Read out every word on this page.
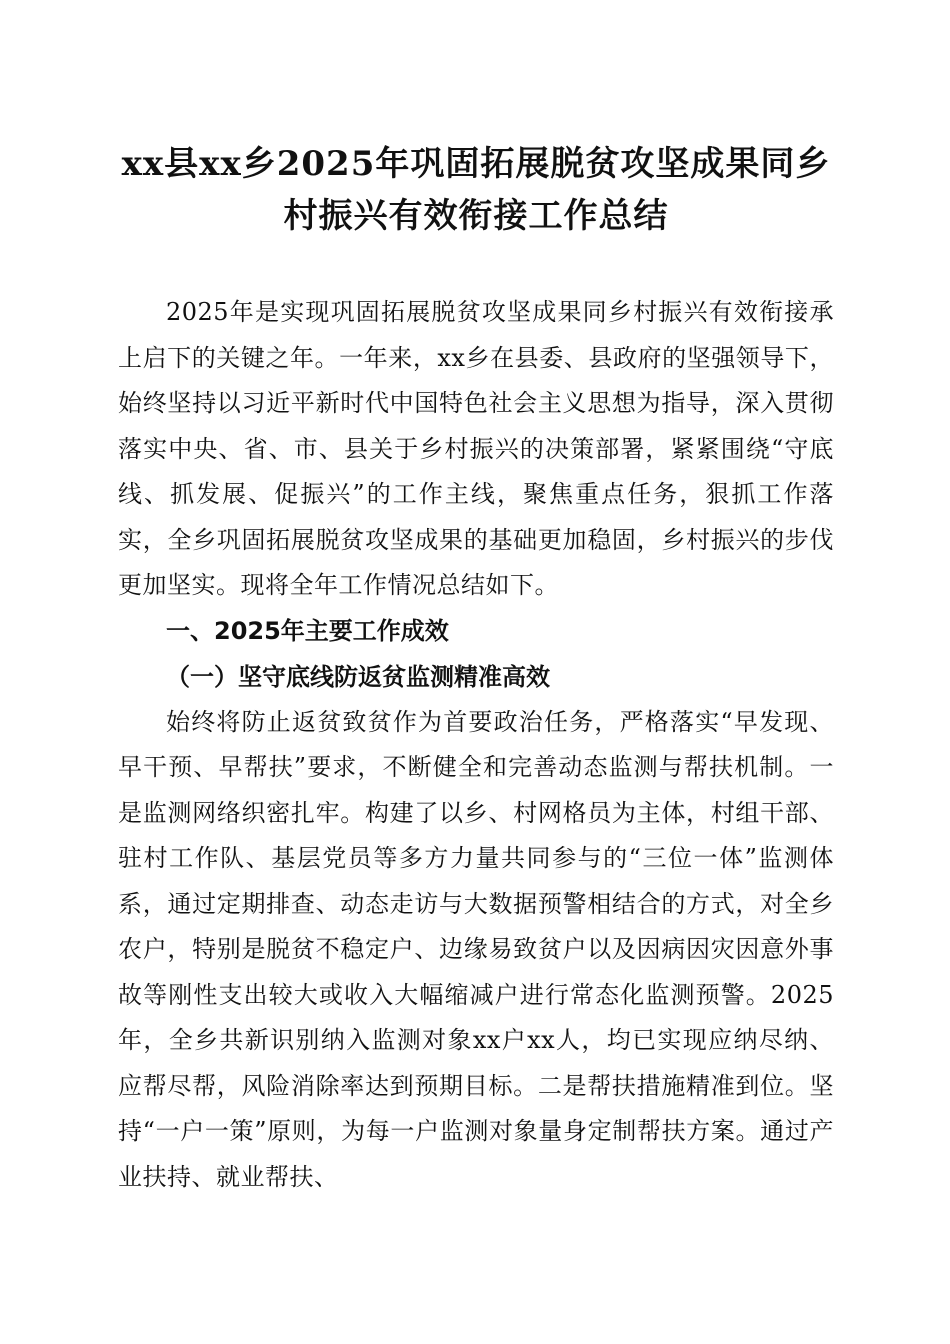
xx县xx乡2025年巩固拓展脱贫攻坚成果同乡
村振兴有效衔接工作总结

2025年是实现巩固拓展脱贫攻坚成果同乡村振兴有效衔接承上启下的关键之年。一年来，xx乡在县委、县政府的坚强领导下，始终坚持以习近平新时代中国特色社会主义思想为指导，深入贯彻落实中央、省、市、县关于乡村振兴的决策部署，紧紧围绕“守底线、抓发展、促振兴”的工作主线，聚焦重点任务，狠抓工作落实，全乡巩固拓展脱贫攻坚成果的基础更加稳固，乡村振兴的步伐更加坚实。现将全年工作情况总结如下。

一、2025年主要工作成效

（一）坚守底线防返贫监测精准高效

始终将防止返贫致贫作为首要政治任务，严格落实“早发现、早干预、早帮扶”要求，不断健全和完善动态监测与帮扶机制。一是监测网络织密扎牢。构建了以乡、村网格员为主体，村组干部、驻村工作队、基层党员等多方力量共同参与的“三位一体”监测体系，通过定期排查、动态走访与大数据预警相结合的方式，对全乡农户，特别是脱贫不稳定户、边缘易致贫户以及因病因灾因意外事故等刚性支出较大或收入大幅缩减户进行常态化监测预警。2025年，全乡共新识别纳入监测对象xx户xx人，均已实现应纳尽纳、应帮尽帮，风险消除率达到预期目标。二是帮扶措施精准到位。坚持“一户一策”原则，为每一户监测对象量身定制帮扶方案。通过产业扶持、就业帮扶、
